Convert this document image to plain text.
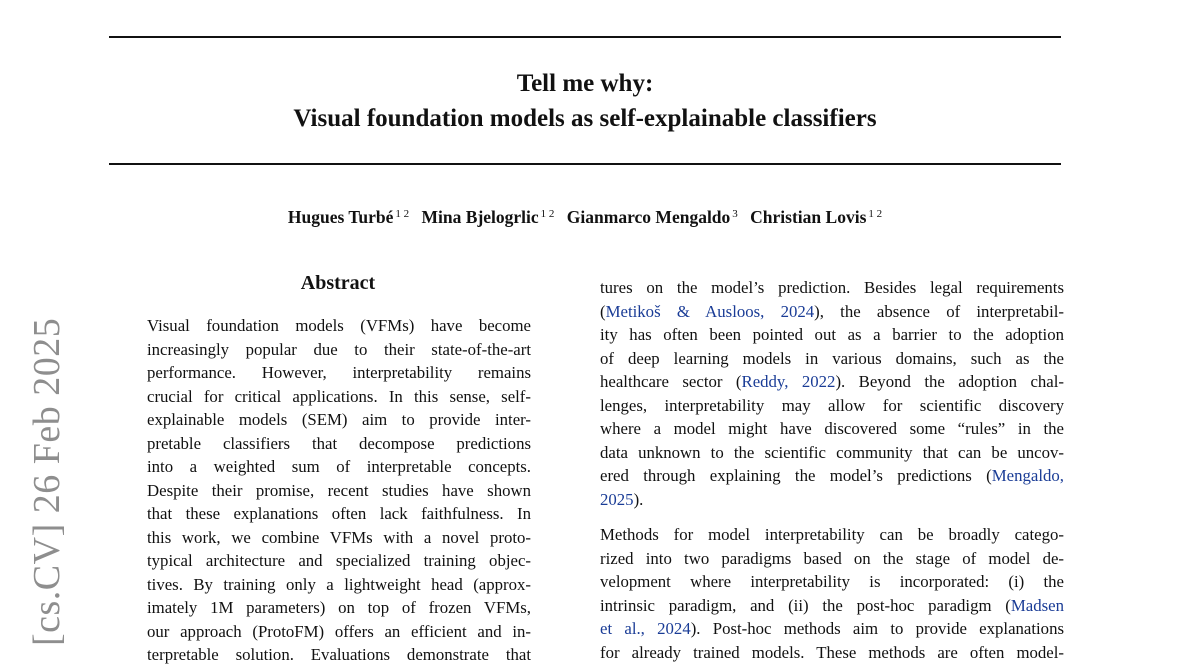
Tell me why:
Visual foundation models as self-explainable classifiers
Hugues Turbé $^{1 2}$ Mina Bjelogrlic $^{1 2}$ Gianmarco Mengaldo $^3$ Christian Lovis $^{1 2}$
[cs.CV] 26 Feb 2025
Abstract
Visual foundation models (VFMs) have become
increasingly popular due to their state-of-the-art
performance. However, interpretability remains
crucial for critical applications. In this sense, self-
explainable models (SEM) aim to provide inter-
pretable classifiers that decompose predictions
into a weighted sum of interpretable concepts.
Despite their promise, recent studies have shown
that these explanations often lack faithfulness. In
this work, we combine VFMs with a novel proto-
typical architecture and specialized training objec-
tives. By training only a lightweight head (approx-
imately 1M parameters) on top of frozen VFMs,
our approach (ProtoFM) offers an efficient and in-
terpretable solution. Evaluations demonstrate that
tures on the model’s prediction. Besides legal requirements
(Metikoš & Ausloos, 2024), the absence of interpretabil-
ity has often been pointed out as a barrier to the adoption
of deep learning models in various domains, such as the
healthcare sector (Reddy, 2022). Beyond the adoption chal-
lenges, interpretability may allow for scientific discovery
where a model might have discovered some “rules” in the
data unknown to the scientific community that can be uncov-
ered through explaining the model’s predictions (Mengaldo,
2025).
Methods for model interpretability can be broadly catego-
rized into two paradigms based on the stage of model de-
velopment where interpretability is incorporated: (i) the
intrinsic paradigm, and (ii) the post-hoc paradigm (Madsen
et al., 2024). Post-hoc methods aim to provide explanations
for already trained models. These methods are often model-
